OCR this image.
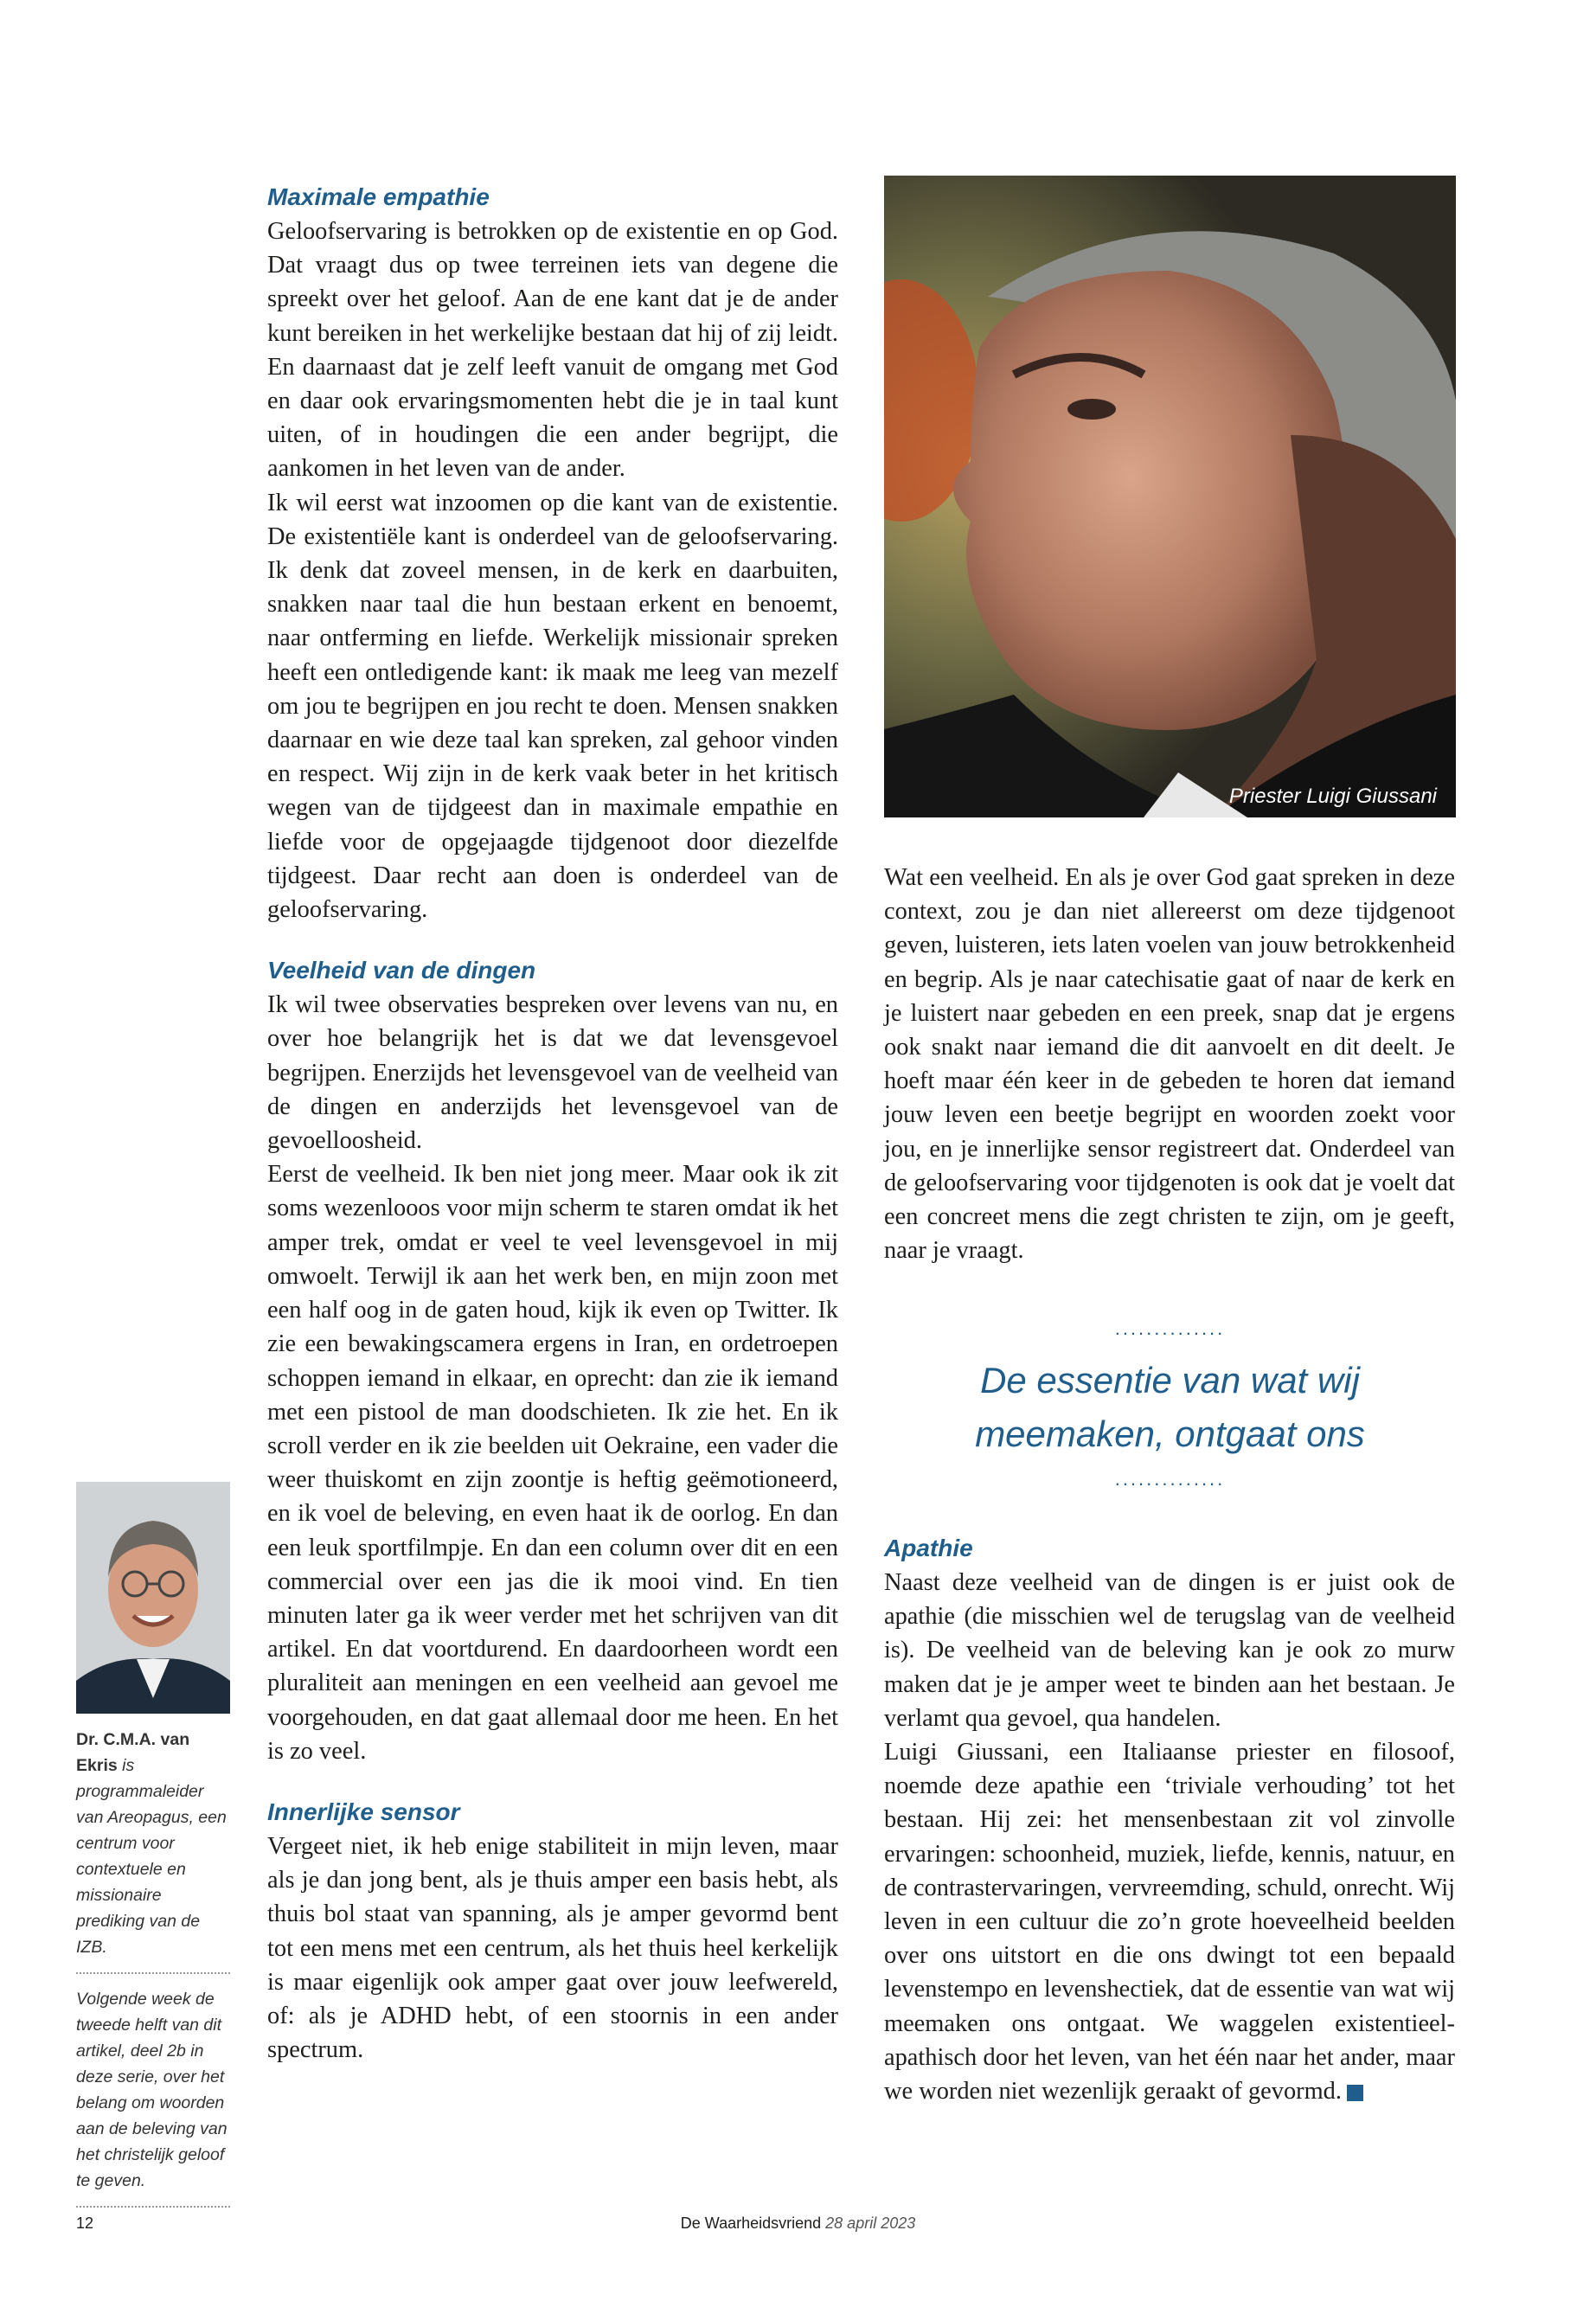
Maximale empathie

Geloofservaring is betrokken op de existentie en op God. Dat vraagt dus op twee terreinen iets van degene die spreekt over het geloof. Aan de ene kant dat je de ander kunt bereiken in het werkelijke bestaan dat hij of zij leidt. En daarnaast dat je zelf leeft vanuit de omgang met God en daar ook ervaringsmomenten hebt die je in taal kunt uiten, of in houdingen die een ander begrijpt, die aankomen in het leven van de ander.

Ik wil eerst wat inzoomen op die kant van de existentie. De existentiële kant is onderdeel van de geloofservaring. Ik denk dat zoveel mensen, in de kerk en daarbuiten, snakken naar taal die hun bestaan erkent en benoemt, naar ontferming en liefde. Werkelijk missionair spreken heeft een ontledigende kant: ik maak me leeg van mezelf om jou te begrijpen en jou recht te doen. Mensen snakken daarnaar en wie deze taal kan spreken, zal gehoor vinden en respect. Wij zijn in de kerk vaak beter in het kritisch wegen van de tijdgeest dan in maximale empathie en liefde voor de opgejaagde tijdgenoot door diezelfde tijdgeest. Daar recht aan doen is onderdeel van de geloofservaring.

Veelheid van de dingen

Ik wil twee observaties bespreken over levens van nu, en over hoe belangrijk het is dat we dat levensgevoel begrijpen. Enerzijds het levensgevoel van de veelheid van de dingen en anderzijds het levensgevoel van de gevoelloosheid.

Eerst de veelheid. Ik ben niet jong meer. Maar ook ik zit soms wezenlooos voor mijn scherm te staren omdat ik het amper trek, omdat er veel te veel levensgevoel in mij omwoelt. Terwijl ik aan het werk ben, en mijn zoon met een half oog in de gaten houd, kijk ik even op Twitter. Ik zie een bewakingscamera ergens in Iran, en ordetroepen schoppen iemand in elkaar, en oprecht: dan zie ik iemand met een pistool de man doodschieten. Ik zie het. En ik scroll verder en ik zie beelden uit Oekraine, een vader die weer thuiskomt en zijn zoontje is heftig geëmotioneerd, en ik voel de beleving, en even haat ik de oorlog. En dan een leuk sportfilmpje. En dan een column over dit en een commercial over een jas die ik mooi vind. En tien minuten later ga ik weer verder met het schrijven van dit artikel. En dat voortdurend. En daardoorheen wordt een pluraliteit aan meningen en een veelheid aan gevoel me voorgehouden, en dat gaat allemaal door me heen. En het is zo veel.

Innerlijke sensor

Vergeet niet, ik heb enige stabiliteit in mijn leven, maar als je dan jong bent, als je thuis amper een basis hebt, als thuis bol staat van spanning, als je amper gevormd bent tot een mens met een centrum, als het thuis heel kerkelijk is maar eigenlijk ook amper gaat over jouw leefwereld, of: als je ADHD hebt, of een stoornis in een ander spectrum.

Priester Luigi Giussani

Wat een veelheid. En als je over God gaat spreken in deze context, zou je dan niet allereerst om deze tijdgenoot geven, luisteren, iets laten voelen van jouw betrokkenheid en begrip. Als je naar catechisatie gaat of naar de kerk en je luistert naar gebeden en een preek, snap dat je ergens ook snakt naar iemand die dit aanvoelt en dit deelt. Je hoeft maar één keer in de gebeden te horen dat iemand jouw leven een beetje begrijpt en woorden zoekt voor jou, en je innerlijke sensor registreert dat. Onderdeel van de geloofservaring voor tijdgenoten is ook dat je voelt dat een concreet mens die zegt christen te zijn, om je geeft, naar je vraagt.

..............
De essentie van wat wij
meemaken, ontgaat ons
..............
Apathie

Naast deze veelheid van de dingen is er juist ook de apathie (die misschien wel de terugslag van de veelheid is). De veelheid van de beleving kan je ook zo murw maken dat je je amper weet te binden aan het bestaan. Je verlamt qua gevoel, qua handelen.

Luigi Giussani, een Italiaanse priester en filosoof, noemde deze apathie een ‘triviale verhouding’ tot het bestaan. Hij zei: het mensenbestaan zit vol zinvolle ervaringen: schoonheid, muziek, liefde, kennis, natuur, en de contrastervaringen, vervreemding, schuld, onrecht. Wij leven in een cultuur die zo’n grote hoeveelheid beelden over ons uitstort en die ons dwingt tot een bepaald levenstempo en levenshectiek, dat de essentie van wat wij meemaken ons ontgaat. We waggelen existentieel-apathisch door het leven, van het één naar het ander, maar we worden niet wezenlijk geraakt of gevormd.

Dr. C.M.A. van Ekris is programmaleider van Areopagus, een centrum voor contextuele en missionaire prediking van de IZB.
Volgende week de tweede helft van dit artikel, deel 2b in deze serie, over het belang om woorden aan de beleving van het christelijk geloof te geven.
12	De Waarheidsvriend 28 april 2023
